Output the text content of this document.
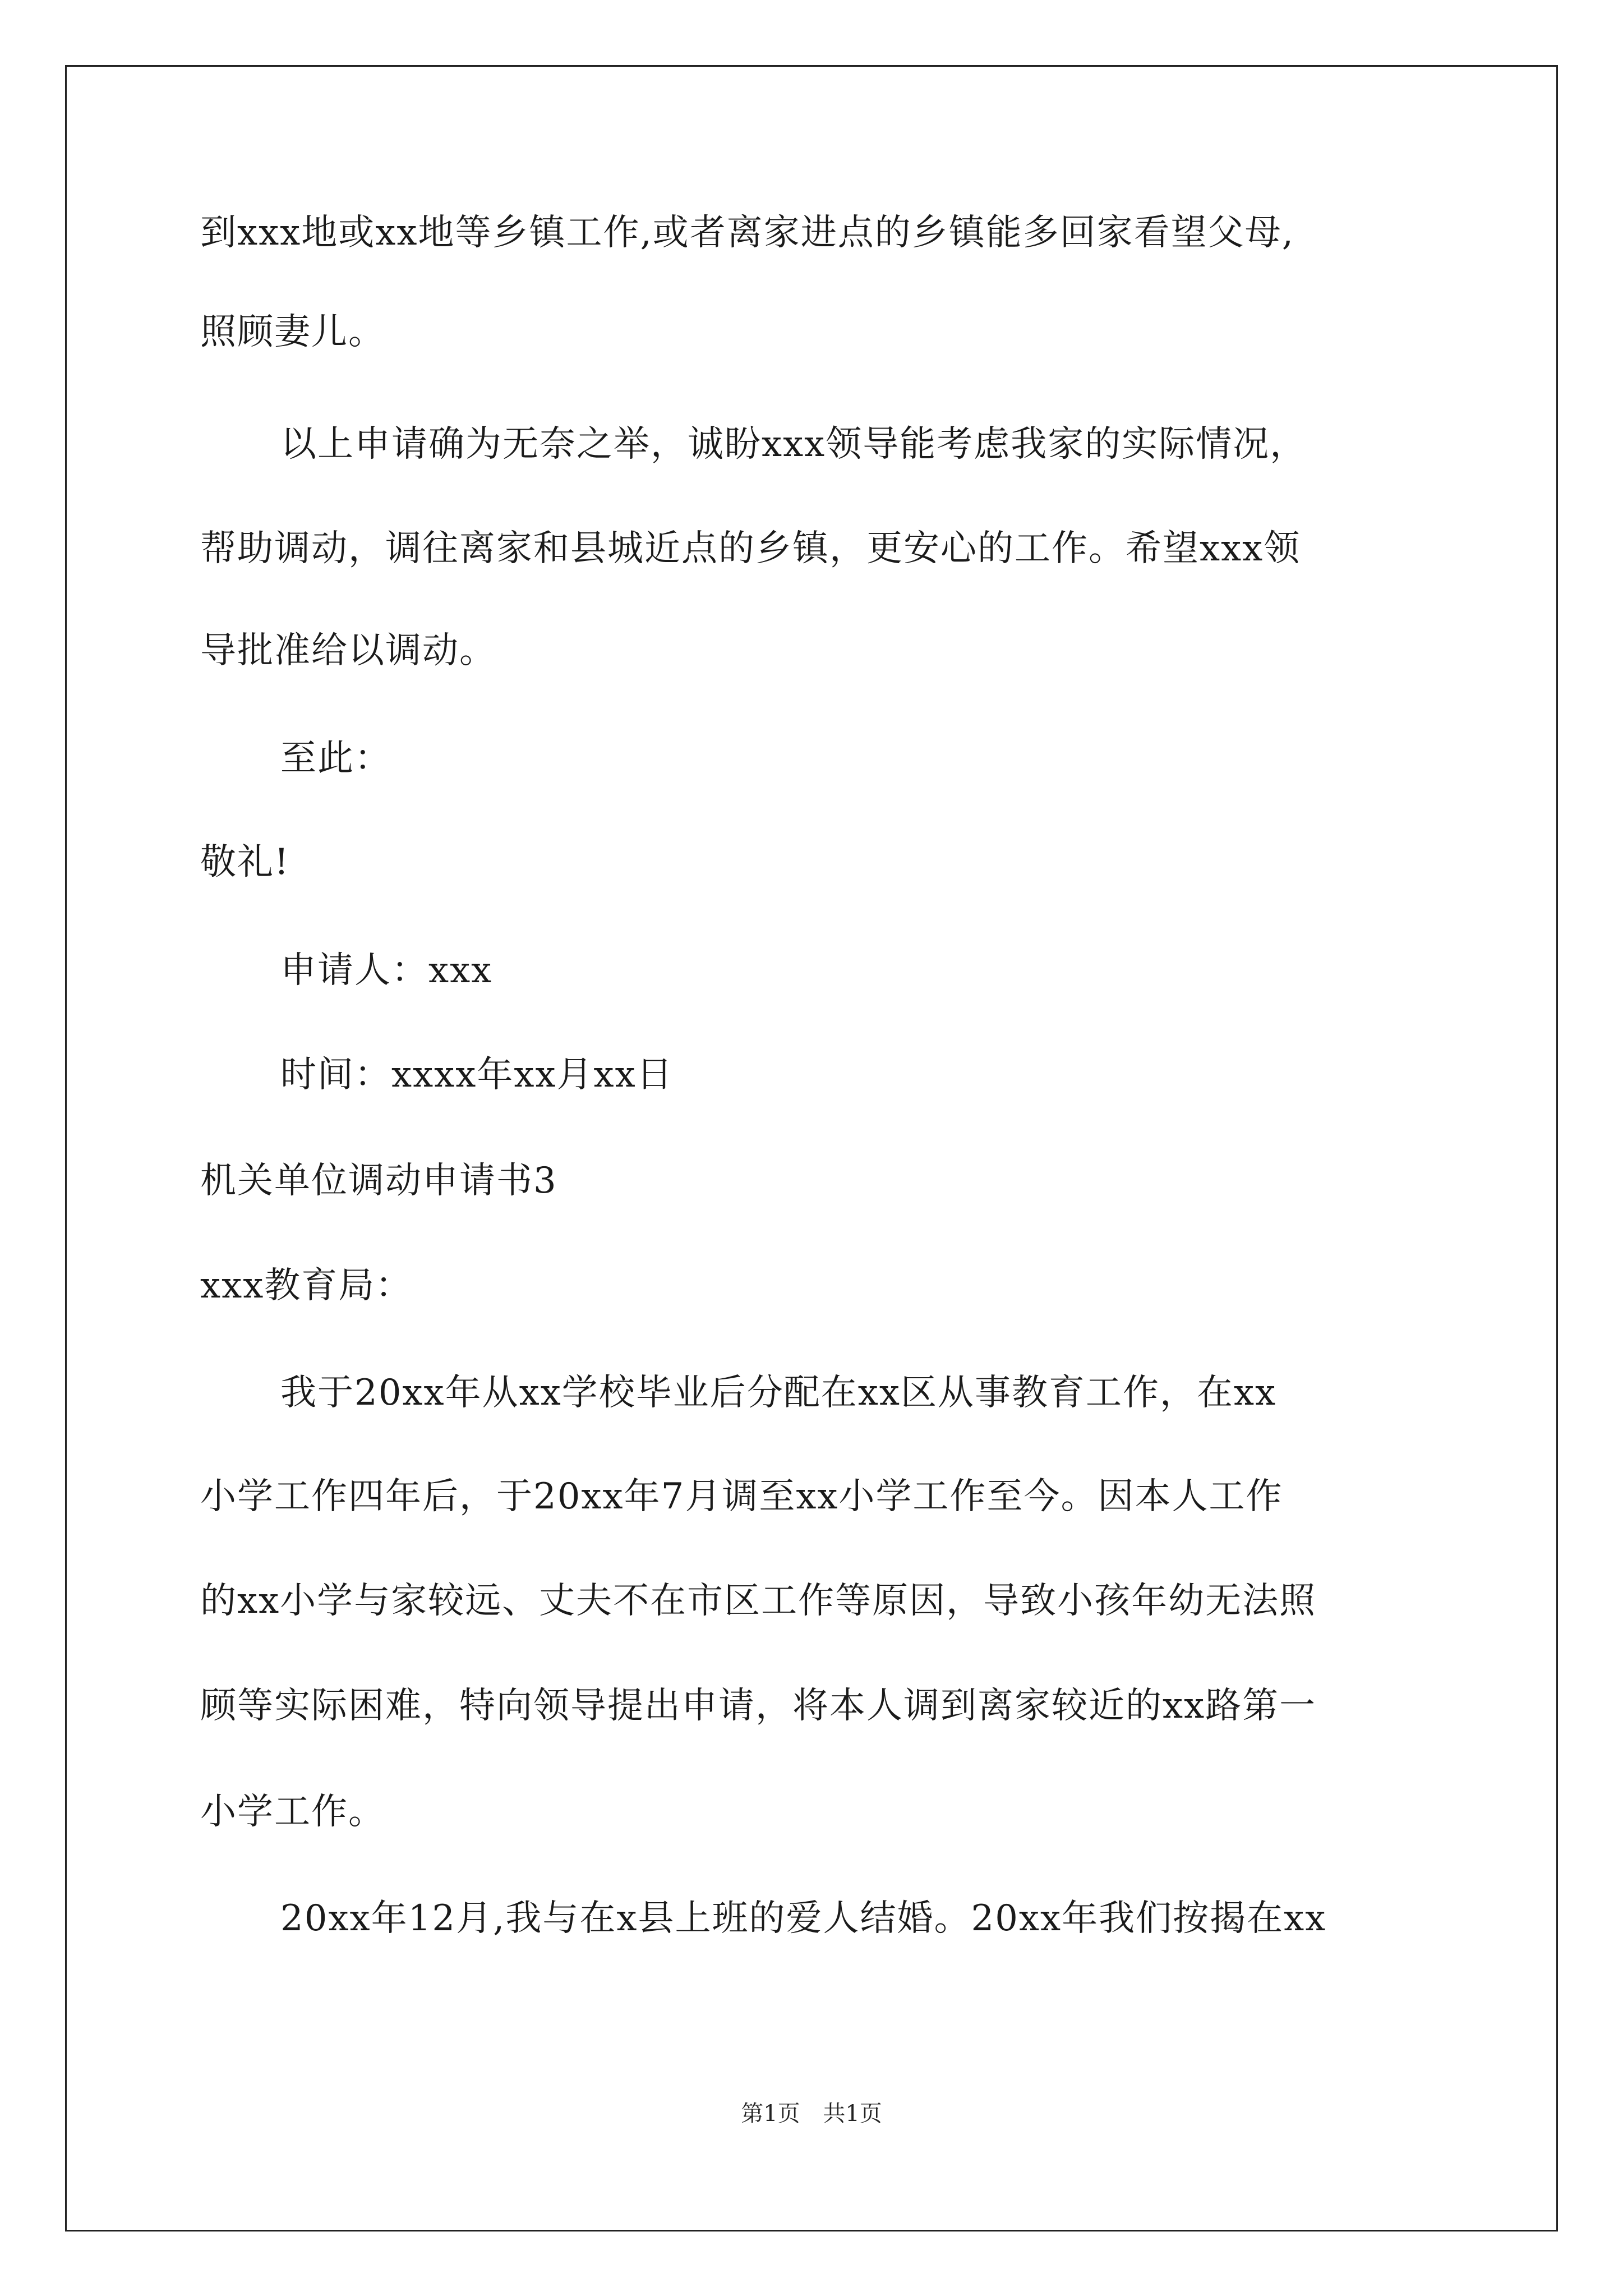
到xxx地或xx地等乡镇工作,或者离家进点的乡镇能多回家看望父母,
照顾妻儿。
以上申请确为无奈之举，诚盼xxx领导能考虑我家的实际情况，
帮助调动，调往离家和县城近点的乡镇，更安心的工作。希望xxx领
导批准给以调动。
至此：
敬礼!
申请人：xxx
时间：xxxx年xx月xx日
机关单位调动申请书3
xxx教育局：
我于20xx年从xx学校毕业后分配在xx区从事教育工作，在xx
小学工作四年后，于20xx年7月调至xx小学工作至今。因本人工作
的xx小学与家较远、丈夫不在市区工作等原因，导致小孩年幼无法照
顾等实际困难，特向领导提出申请，将本人调到离家较近的xx路第一
小学工作。
20xx年12月,我与在x县上班的爱人结婚。20xx年我们按揭在xx
第1页 共1页
